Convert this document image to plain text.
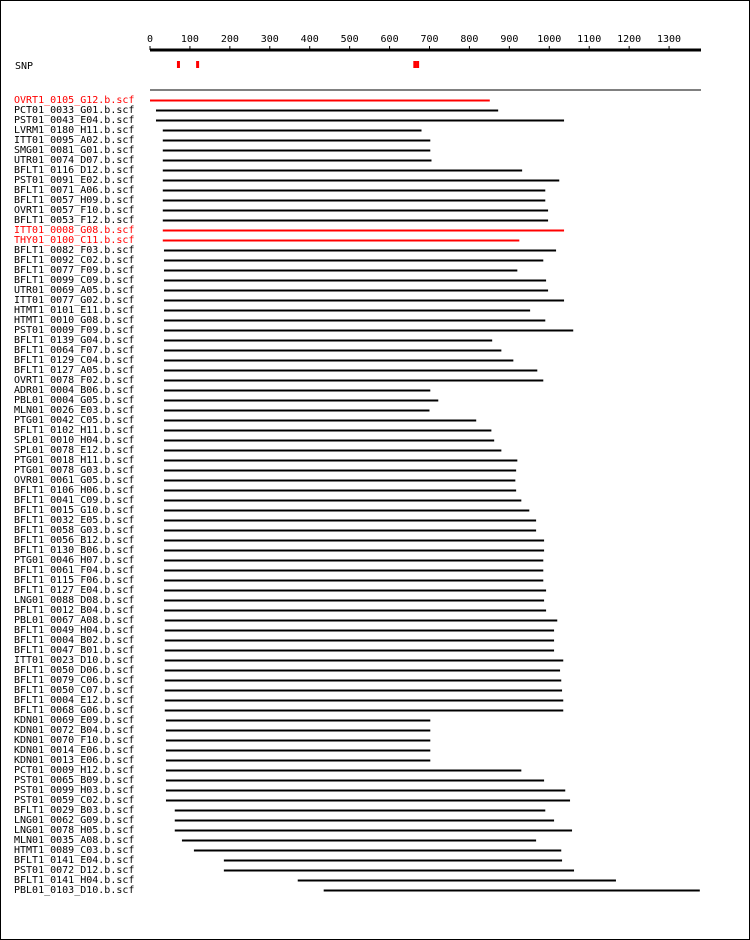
SNP
0	100 200 300 400 500 600 700 800 900 1000 1100 1200 1300
OVRT1_0105_G12.b.scf
PCT01_0033_G01.b.scf
PST01_0043_E04.b.scf
LVRM1_0180_H11.b.scf
ITT01_0095_A02.b.scf
SMG01_0081_G01.b.scf
UTR01_0074_D07.b.scf
BFLT1_0116_D12.b.scf
PST01_0091_E02.b.scf
BFLT1_0071_A06.b.scf
BFLT1_0057_H09.b.scf
OVRT1_0057_F10.b.scf
BFLT1_0053_F12.b.scf
ITT01_0008_G08.b.scf
THY01_0100_C11.b.scf
BFLT1_0082_F03.b.scf
BFLT1_0092_C02.b.scf
BFLT1_0077_F09.b.scf
BFLT1_0099_C09.b.scf
UTR01_0069_A05.b.scf
ITT01_0077_G02.b.scf
HTMT1_0101_E11.b.scf
HTMT1_0010_G08.b.scf
PST01_0009_F09.b.scf
BFLT1_0139_G04.b.scf
BFLT1_0064_F07.b.scf
BFLT1_0129_C04.b.scf
BFLT1_0127_A05.b.scf
OVRT1_0078_F02.b.scf
ADR01_0004_B06.b.scf
PBL01_0004_G05.b.scf
MLN01_0026_E03.b.scf
PTG01_0042_C05.b.scf
BFLT1_0102_H11.b.scf
SPL01_0010_H04.b.scf
SPL01_0078_E12.b.scf
PTG01_0018_H11.b.scf
PTG01_0078_G03.b.scf
OVR01_0061_G05.b.scf
BFLT1_0106_H06.b.scf
BFLT1_0041_C09.b.scf
BFLT1_0015_G10.b.scf
BFLT1_0032_E05.b.scf
BFLT1_0058_G03.b.scf
BFLT1_0056_B12.b.scf
BFLT1_0130_B06.b.scf
PTG01_0046_H07.b.scf
BFLT1_0061_F04.b.scf
BFLT1_0115_F06.b.scf
BFLT1_0127_E04.b.scf
LNG01_0088_D08.b.scf
BFLT1_0012_B04.b.scf
PBL01_0067_A08.b.scf
BFLT1_0049_H04.b.scf
BFLT1_0004_B02.b.scf
BFLT1_0047_B01.b.scf
ITT01_0023_D10.b.scf
BFLT1_0050_D06.b.scf
BFLT1_0079_C06.b.scf
BFLT1_0050_C07.b.scf
BFLT1_0004_E12.b.scf
BFLT1_0068_G06.b.scf
KDN01_0069_E09.b.scf
KDN01_0072_B04.b.scf
KDN01_0070_F10.b.scf
KDN01_0014_E06.b.scf
KDN01_0013_E06.b.scf
PCT01_0009_H12.b.scf
PST01_0065_B09.b.scf
PST01_0099_H03.b.scf
PST01_0059_C02.b.scf
BFLT1_0029_B03.b.scf
LNG01_0062_G09.b.scf
LNG01_0078_H05.b.scf
MLN01_0035_A08.b.scf
HTMT1_0089_C03.b.scf
BFLT1_0141_E04.b.scf
PST01_0072_D12.b.scf
BFLT1_0141_H04.b.scf
PBL01_0103_D10.b.scf
